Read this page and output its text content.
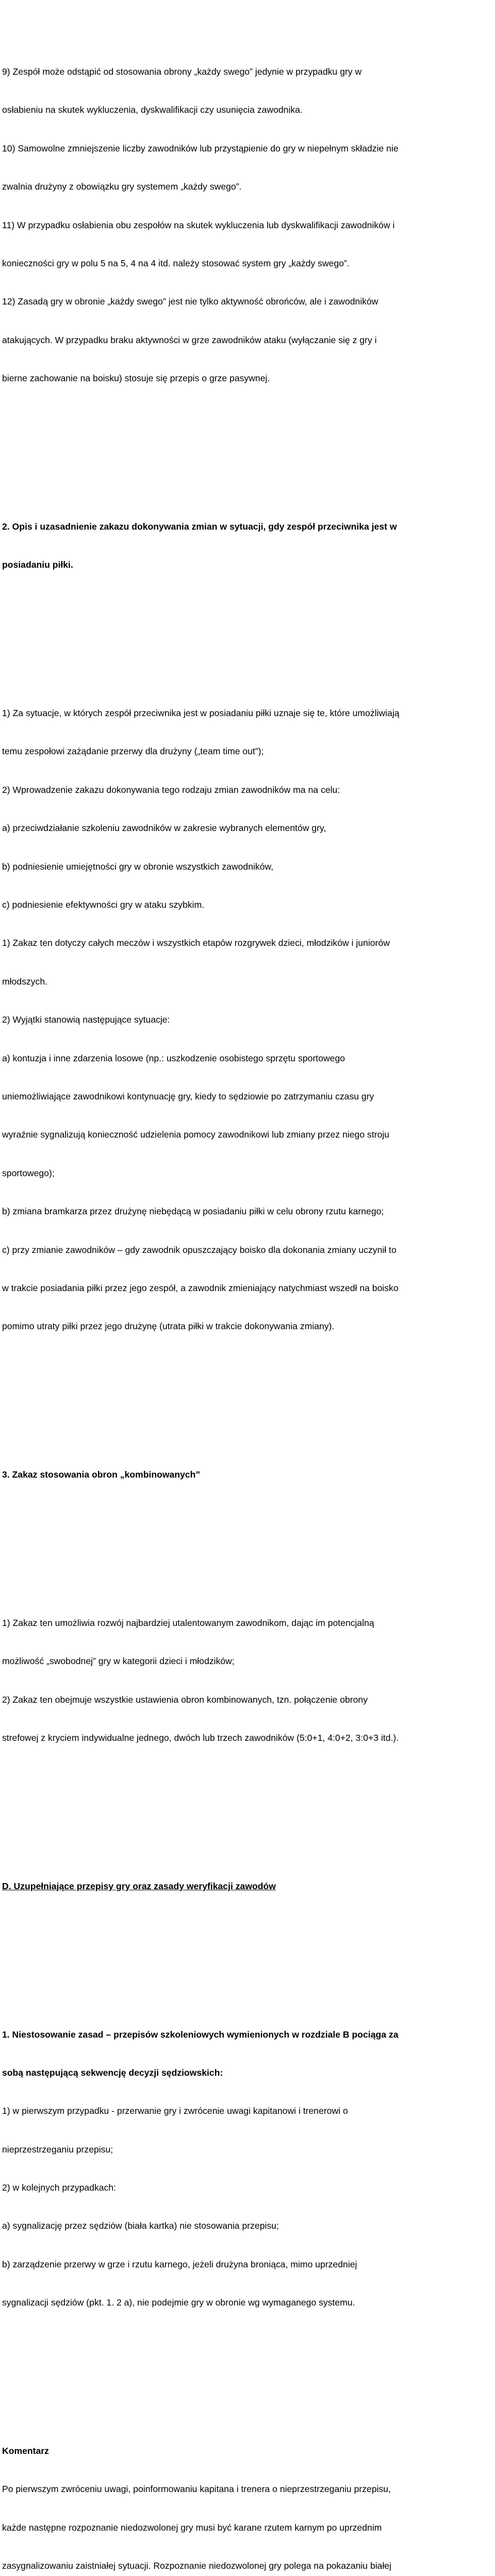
9) Zespół może odstąpić od stosowania obrony „każdy swego” jedynie w przypadku gry w

osłabieniu na skutek wykluczenia, dyskwalifikacji czy usunięcia zawodnika.

10) Samowolne zmniejszenie liczby zawodników lub przystąpienie do gry w niepełnym składzie nie

zwalnia drużyny z obowiązku gry systemem „każdy swego”.

11) W przypadku osłabienia obu zespołów na skutek wykluczenia lub dyskwalifikacji zawodników i

konieczności gry w polu 5 na 5, 4 na 4 itd. należy stosować system gry „każdy swego”.

12) Zasadą gry w obronie „każdy swego” jest nie tylko aktywność obrońców, ale i zawodników

atakujących. W przypadku braku aktywności w grze zawodników ataku (wyłączanie się z gry i

bierne zachowanie na boisku) stosuje się przepis o grze pasywnej.

2. Opis i uzasadnienie zakazu dokonywania zmian w sytuacji, gdy zespół przeciwnika jest w

posiadaniu piłki.

1) Za sytuacje, w których zespół przeciwnika jest w posiadaniu piłki uznaje się te, które umożliwiają

temu zespołowi zażądanie przerwy dla drużyny („team time out”);

2) Wprowadzenie zakazu dokonywania tego rodzaju zmian zawodników ma na celu:

a) przeciwdziałanie szkoleniu zawodników w zakresie wybranych elementów gry,

b) podniesienie umiejętności gry w obronie wszystkich zawodników,

c) podniesienie efektywności gry w ataku szybkim.

1) Zakaz ten dotyczy całych meczów i wszystkich etapów rozgrywek dzieci, młodzików i juniorów

młodszych.

2) Wyjątki stanowią następujące sytuacje:

a) kontuzja i inne zdarzenia losowe (np.: uszkodzenie osobistego sprzętu sportowego

uniemożliwiające zawodnikowi kontynuację gry, kiedy to sędziowie po zatrzymaniu czasu gry

wyraźnie sygnalizują konieczność udzielenia pomocy zawodnikowi lub zmiany przez niego stroju

sportowego);

b) zmiana bramkarza przez drużynę niebędącą w posiadaniu piłki w celu obrony rzutu karnego;

c) przy zmianie zawodników – gdy zawodnik opuszczający boisko dla dokonania zmiany uczynił to

w trakcie posiadania piłki przez jego zespół, a zawodnik zmieniający natychmiast wszedł na boisko

pomimo utraty piłki przez jego drużynę (utrata piłki w trakcie dokonywania zmiany).

3. Zakaz stosowania obron „kombinowanych”

1) Zakaz ten umożliwia rozwój najbardziej utalentowanym zawodnikom, dając im potencjalną

możliwość „swobodnej” gry w kategorii dzieci i młodzików;

2) Zakaz ten obejmuje wszystkie ustawienia obron kombinowanych, tzn. połączenie obrony

strefowej z kryciem indywidualne jednego, dwóch lub trzech zawodników (5:0+1, 4:0+2, 3:0+3 itd.).

D. Uzupełniające przepisy gry oraz zasady weryfikacji zawodów

1. Niestosowanie zasad – przepisów szkoleniowych wymienionych w rozdziale B pociąga za

sobą następującą sekwencję decyzji sędziowskich:

1) w pierwszym przypadku - przerwanie gry i zwrócenie uwagi kapitanowi i trenerowi o

nieprzestrzeganiu przepisu;

2) w kolejnych przypadkach:

a) sygnalizację przez sędziów (biała kartka) nie stosowania przepisu;

b) zarządzenie przerwy w grze i rzutu karnego, jeżeli drużyna broniąca, mimo uprzedniej

sygnalizacji sędziów (pkt. 1. 2 a), nie podejmie gry w obronie wg wymaganego systemu.

Komentarz

Po pierwszym zwróceniu uwagi, poinformowaniu kapitana i trenera o nieprzestrzeganiu przepisu,

każde następne rozpoznanie niedozwolonej gry musi być karane rzutem karnym po uprzednim

zasygnalizowaniu zaistniałej sytuacji. Rozpoznanie niedozwolonej gry polega na pokazaniu białej
